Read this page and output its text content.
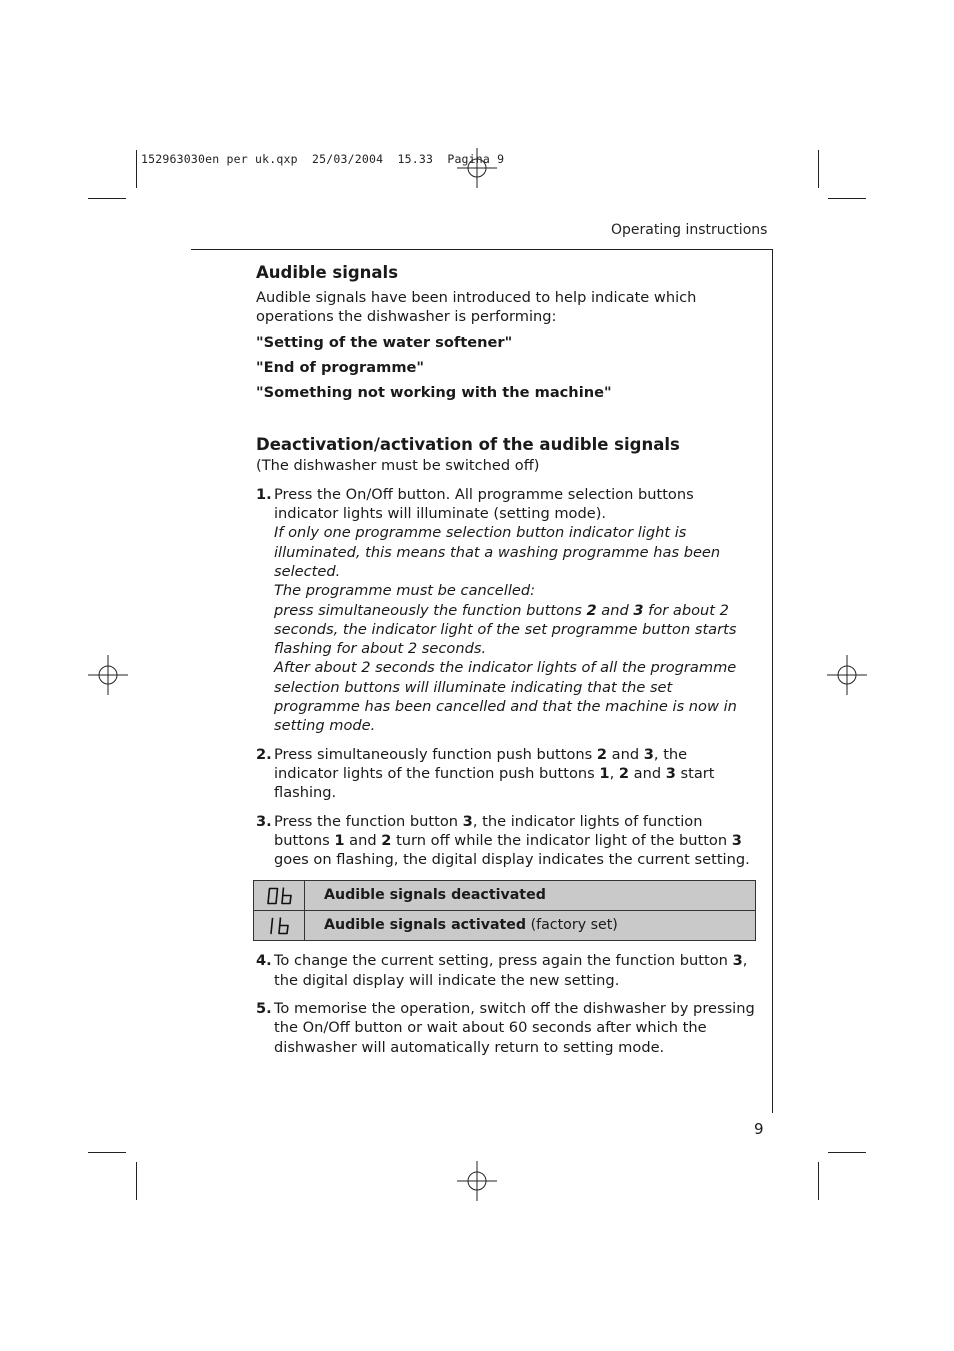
152963030en per uk.qxp  25/03/2004  15.33  Pagina 9
Operating instructions
Audible signals

Audible signals have been introduced to help indicate which operations the dishwasher is performing:

"Setting of the water softener"

"End of programme"

"Something not working with the machine"

Deactivation/activation of the audible signals

(The dishwasher must be switched off)

1. Press the On/Off button. All programme selection buttons indicator lights will illuminate (setting mode).
If only one programme selection button indicator light is illuminated, this means that a washing programme has been selected.
The programme must be cancelled:
press simultaneously the function buttons 2 and 3 for about 2 seconds, the indicator light of the set programme button starts flashing for about 2 seconds.
After about 2 seconds the indicator lights of all the programme selection buttons will illuminate indicating that the set programme has been cancelled and that the machine is now in setting mode.
2. Press simultaneously function push buttons 2 and 3, the indicator lights of the function push buttons 1, 2 and 3 start flashing.
3. Press the function button 3, the indicator lights of function buttons 1 and 2 turn off while the indicator light of the button 3 goes on flashing, the digital display indicates the current setting.
	Audible signals deactivated

	Audible signals activated (factory set)
4. To change the current setting, press again the function button 3, the digital display will indicate the new setting.
5. To memorise the operation, switch off the dishwasher by pressing the On/Off button or wait about 60 seconds after which the dishwasher will automatically return to setting mode.
9
